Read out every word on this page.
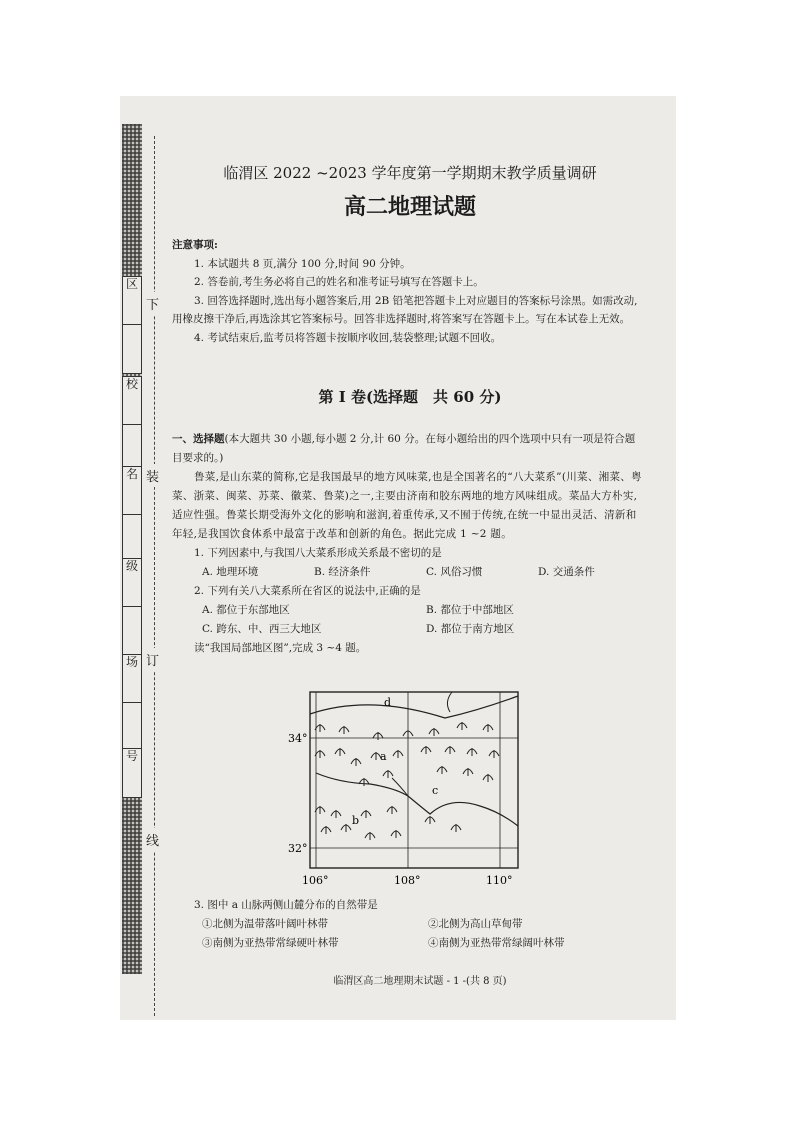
区
校
名
级
场
号
下
装
订
线
临渭区 2022 ~2023 学年度第一学期期末教学质量调研
高二地理试题

注意事项:

1. 本试题共 8 页,满分 100 分,时间 90 分钟。

2. 答卷前,考生务必将自己的姓名和准考证号填写在答题卡上。

3. 回答选择题时,选出每小题答案后,用 2B 铅笔把答题卡上对应题目的答案标号涂黑。如需改动,用橡皮擦干净后,再选涂其它答案标号。回答非选择题时,将答案写在答题卡上。写在本试卷上无效。

4. 考试结束后,监考员将答题卡按顺序收回,装袋整理;试题不回收。

第 I 卷(选择题　共 60 分)

一、选择题(本大题共 30 小题,每小题 2 分,计 60 分。在每小题给出的四个选项中只有一项是符合题目要求的。)

鲁菜,是山东菜的简称,它是我国最早的地方风味菜,也是全国著名的“八大菜系”(川菜、湘菜、粤菜、浙菜、闽菜、苏菜、徽菜、鲁菜)之一,主要由济南和胶东两地的地方风味组成。菜品大方朴实,适应性强。鲁菜长期受海外文化的影响和滋润,着重传承,又不囿于传统,在统一中显出灵活、清新和年轻,是我国饮食体系中最富于改革和创新的角色。据此完成 1 ~2 题。

1. 下列因素中,与我国八大菜系形成关系最不密切的是

A. 地理环境	B. 经济条件	C. 风俗习惯	D. 交通条件

2. 下列有关八大菜系所在省区的说法中,正确的是

A. 都位于东部地区	B. 都位于中部地区
C. 跨东、中、西三大地区	D. 都位于南方地区

读“我国局部地区图”,完成 3 ~4 题。

34°
32°
106°	108°	110°
d
a
c
b

3. 图中 a 山脉两侧山麓分布的自然带是

①北侧为温带落叶阔叶林带	②北侧为高山草甸带
③南侧为亚热带常绿硬叶林带	④南侧为亚热带常绿阔叶林带
临渭区高二地理期末试题 - 1 -(共 8 页)
